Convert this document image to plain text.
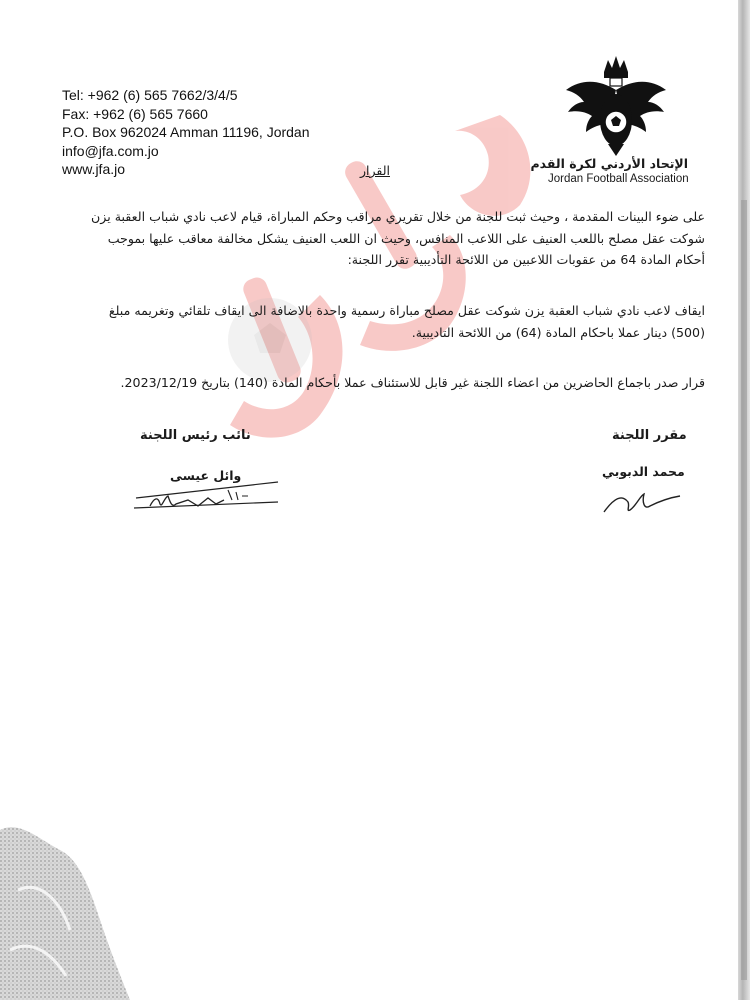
Tel: +962 (6) 565 7662/3/4/5
Fax: +962 (6) 565 7660
P.O. Box 962024 Amman 11196, Jordan
info@jfa.com.jo
www.jfa.jo	الإتحاد الأردني لكرة القدم
Jordan Football Association
القرار
على ضوء البينات المقدمة ، وحيث ثبت للجنة من خلال تقريري مراقب وحكم المباراة، قيام لاعب نادي شباب العقبة يزن شوكت عقل مصلح باللعب العنيف على اللاعب المنافس، وحيث ان اللعب العنيف يشكل مخالفة معاقب عليها بموجب أحكام المادة 64 من عقوبات اللاعبين من اللائحة التأديبية تقرر اللجنة:
ايقاف لاعب نادي شباب العقبة يزن شوكت عقل مصلح مباراة رسمية واحدة بالاضافة الى ايقاف تلقائي وتغريمه مبلغ (500) دينار عملا باحكام المادة (64) من اللائحة التاديبية.
قرار صدر باجماع الحاضرين من اعضاء اللجنة غير قابل للاستئناف عملا بأحكام المادة (140) بتاريخ 2023/12/19.
مقرر اللجنة
محمد الدبوبي
نائب رئيس اللجنة
وائل عيسى
